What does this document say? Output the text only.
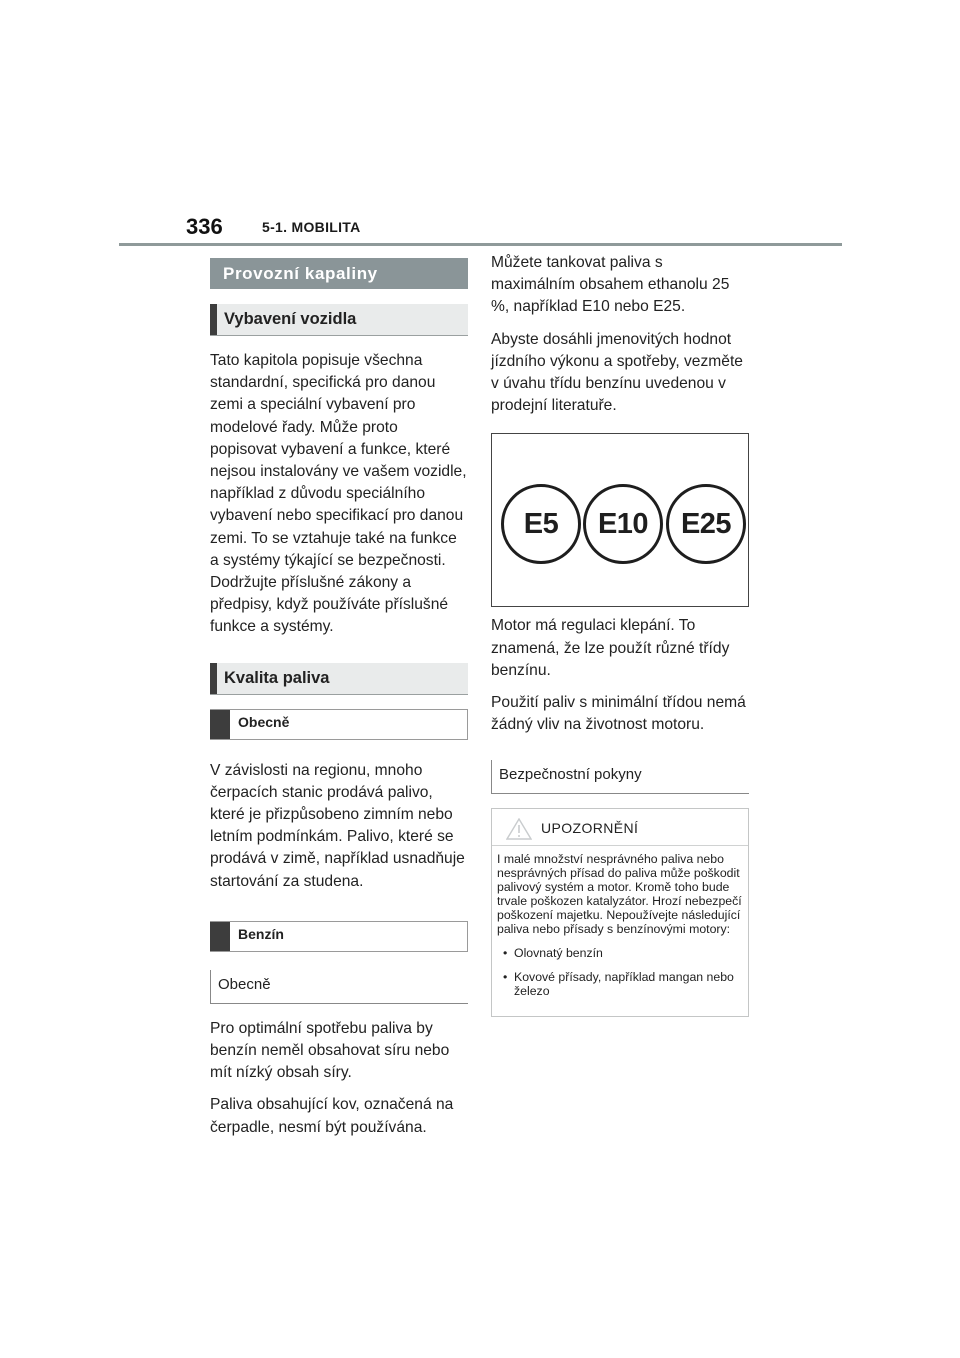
336	5-1. MOBILITA
Provozní kapaliny
Vybavení vozidla

Tato kapitola popisuje všechna standardní, specifická pro danou zemi a speciální vybavení pro modelové řady. Může proto popisovat vybavení a funkce, které nejsou instalovány ve vašem vozidle, například z důvodu speciálního vybavení nebo specifikací pro danou zemi. To se vztahuje také na funkce a systémy týkající se bezpečnosti. Dodržujte příslušné zákony a předpisy, když používáte příslušné funkce a systémy.

Kvalita paliva
Obecně

V závislosti na regionu, mnoho čerpacích stanic prodává palivo, které je přizpůsobeno zimním nebo letním podmínkám. Palivo, které se prodává v zimě, například usnadňuje startování za studena.

Benzín
Obecně

Pro optimální spotřebu paliva by benzín neměl obsahovat síru nebo mít nízký obsah síry.

Paliva obsahující kov, označená na čerpadle, nesmí být používána.

Můžete tankovat paliva s maximálním obsahem ethanolu 25 %, například E10 nebo E25.

Abyste dosáhli jmenovitých hodnot jízdního výkonu a spotřeby, vezměte v úvahu třídu benzínu uvedenou v prodejní literatuře.

E5	E10	E25

Motor má regulaci klepání. To znamená, že lze použít různé třídy benzínu.

Použití paliv s minimální třídou nemá žádný vliv na životnost motoru.

Bezpečnostní pokyny
UPOZORNĚNÍ

I malé množství nesprávného paliva nebo nesprávných přísad do paliva může poškodit palivový systém a motor. Kromě toho bude trvale poškozen katalyzátor. Hrozí nebezpečí poškození majetku. Nepoužívejte následující paliva nebo přísady s benzínovými motory:

• Olovnatý benzín
• Kovové přísady, například mangan nebo železo
